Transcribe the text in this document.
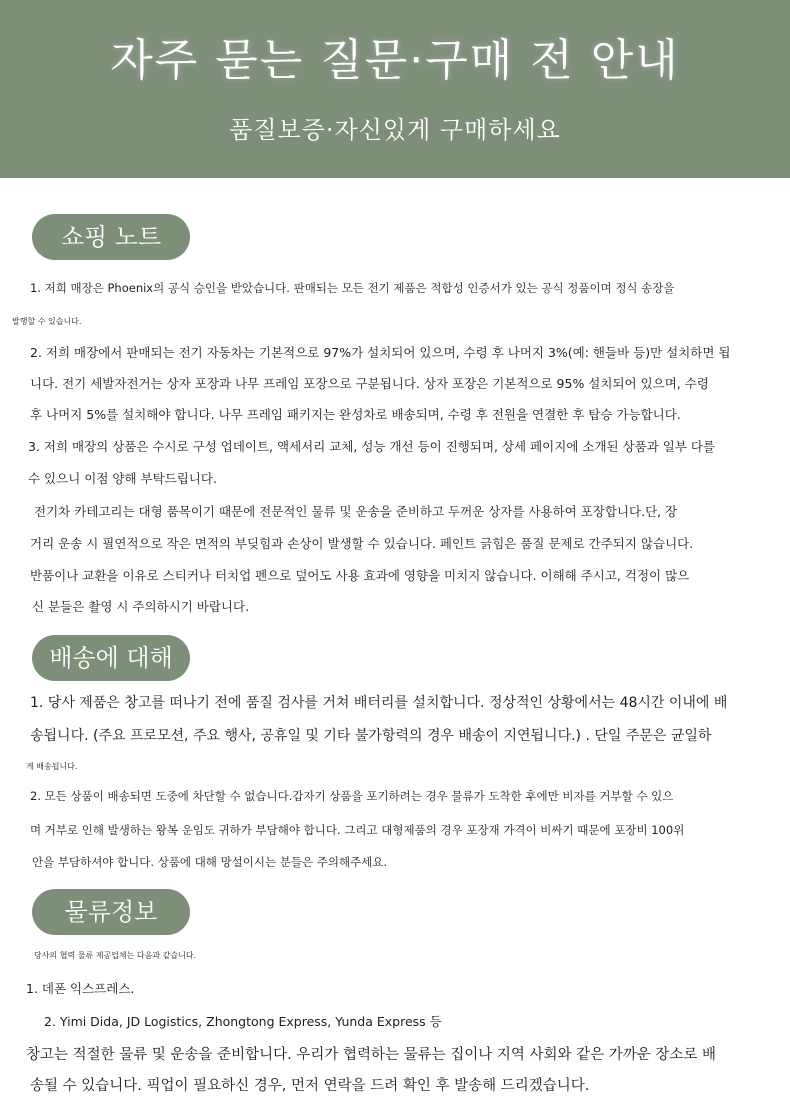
자주 묻는 질문·구매 전 안내
품질보증·자신있게 구매하세요
쇼핑 노트
1. 저희 매장은 Phoenix의 공식 승인을 받았습니다. 판매되는 모든 전기 제품은 적합성 인증서가 있는 공식 정품이며 정식 송장을
발행할 수 있습니다.
2. 저희 매장에서 판매되는 전기 자동차는 기본적으로 97%가 설치되어 있으며, 수령 후 나머지 3%(예: 핸들바 등)만 설치하면 됩
니다. 전기 세발자전거는 상자 포장과 나무 프레임 포장으로 구분됩니다. 상자 포장은 기본적으로 95% 설치되어 있으며, 수령
후 나머지 5%를 설치해야 합니다. 나무 프레임 패키지는 완성차로 배송되며, 수령 후 전원을 연결한 후 탑승 가능합니다.
3. 저희 매장의 상품은 수시로 구성 업데이트, 액세서리 교체, 성능 개선 등이 진행되며, 상세 페이지에 소개된 상품과 일부 다를
수 있으니 이점 양해 부탁드립니다.
전기차 카테고리는 대형 품목이기 때문에 전문적인 물류 및 운송을 준비하고 두꺼운 상자를 사용하여 포장합니다.단, 장
거리 운송 시 필연적으로 작은 면적의 부딪힘과 손상이 발생할 수 있습니다. 페인트 긁힘은 품질 문제로 간주되지 않습니다.
반품이나 교환을 이유로 스티커나 터치업 펜으로 덮어도 사용 효과에 영향을 미치지 않습니다. 이해해 주시고, 걱정이 많으
신 분들은 촬영 시 주의하시기 바랍니다.
배송에 대해
1. 당사 제품은 창고를 떠나기 전에 품질 검사를 거쳐 배터리를 설치합니다. 정상적인 상황에서는 48시간 이내에 배
송됩니다. (주요 프로모션, 주요 행사, 공휴일 및 기타 불가항력의 경우 배송이 지연됩니다.) . 단일 주문은 균일하
게 배송됩니다.
2. 모든 상품이 배송되면 도중에 차단할 수 없습니다.갑자기 상품을 포기하려는 경우 물류가 도착한 후에만 비자를 거부할 수 있으
며 거부로 인해 발생하는 왕복 운임도 귀하가 부담해야 합니다. 그리고 대형제품의 경우 포장재 가격이 비싸기 때문에 포장비 100위
안을 부담하셔야 합니다. 상품에 대해 망설이시는 분들은 주의해주세요.
물류정보
당사의 협력 물류 제공업체는 다음과 같습니다.
1. 데폰 익스프레스.
2. Yimi Dida, JD Logistics, Zhongtong Express, Yunda Express 등
창고는 적절한 물류 및 운송을 준비합니다. 우리가 협력하는 물류는 집이나 지역 사회와 같은 가까운 장소로 배
송될 수 있습니다. 픽업이 필요하신 경우, 먼저 연락을 드려 확인 후 발송해 드리겠습니다.
